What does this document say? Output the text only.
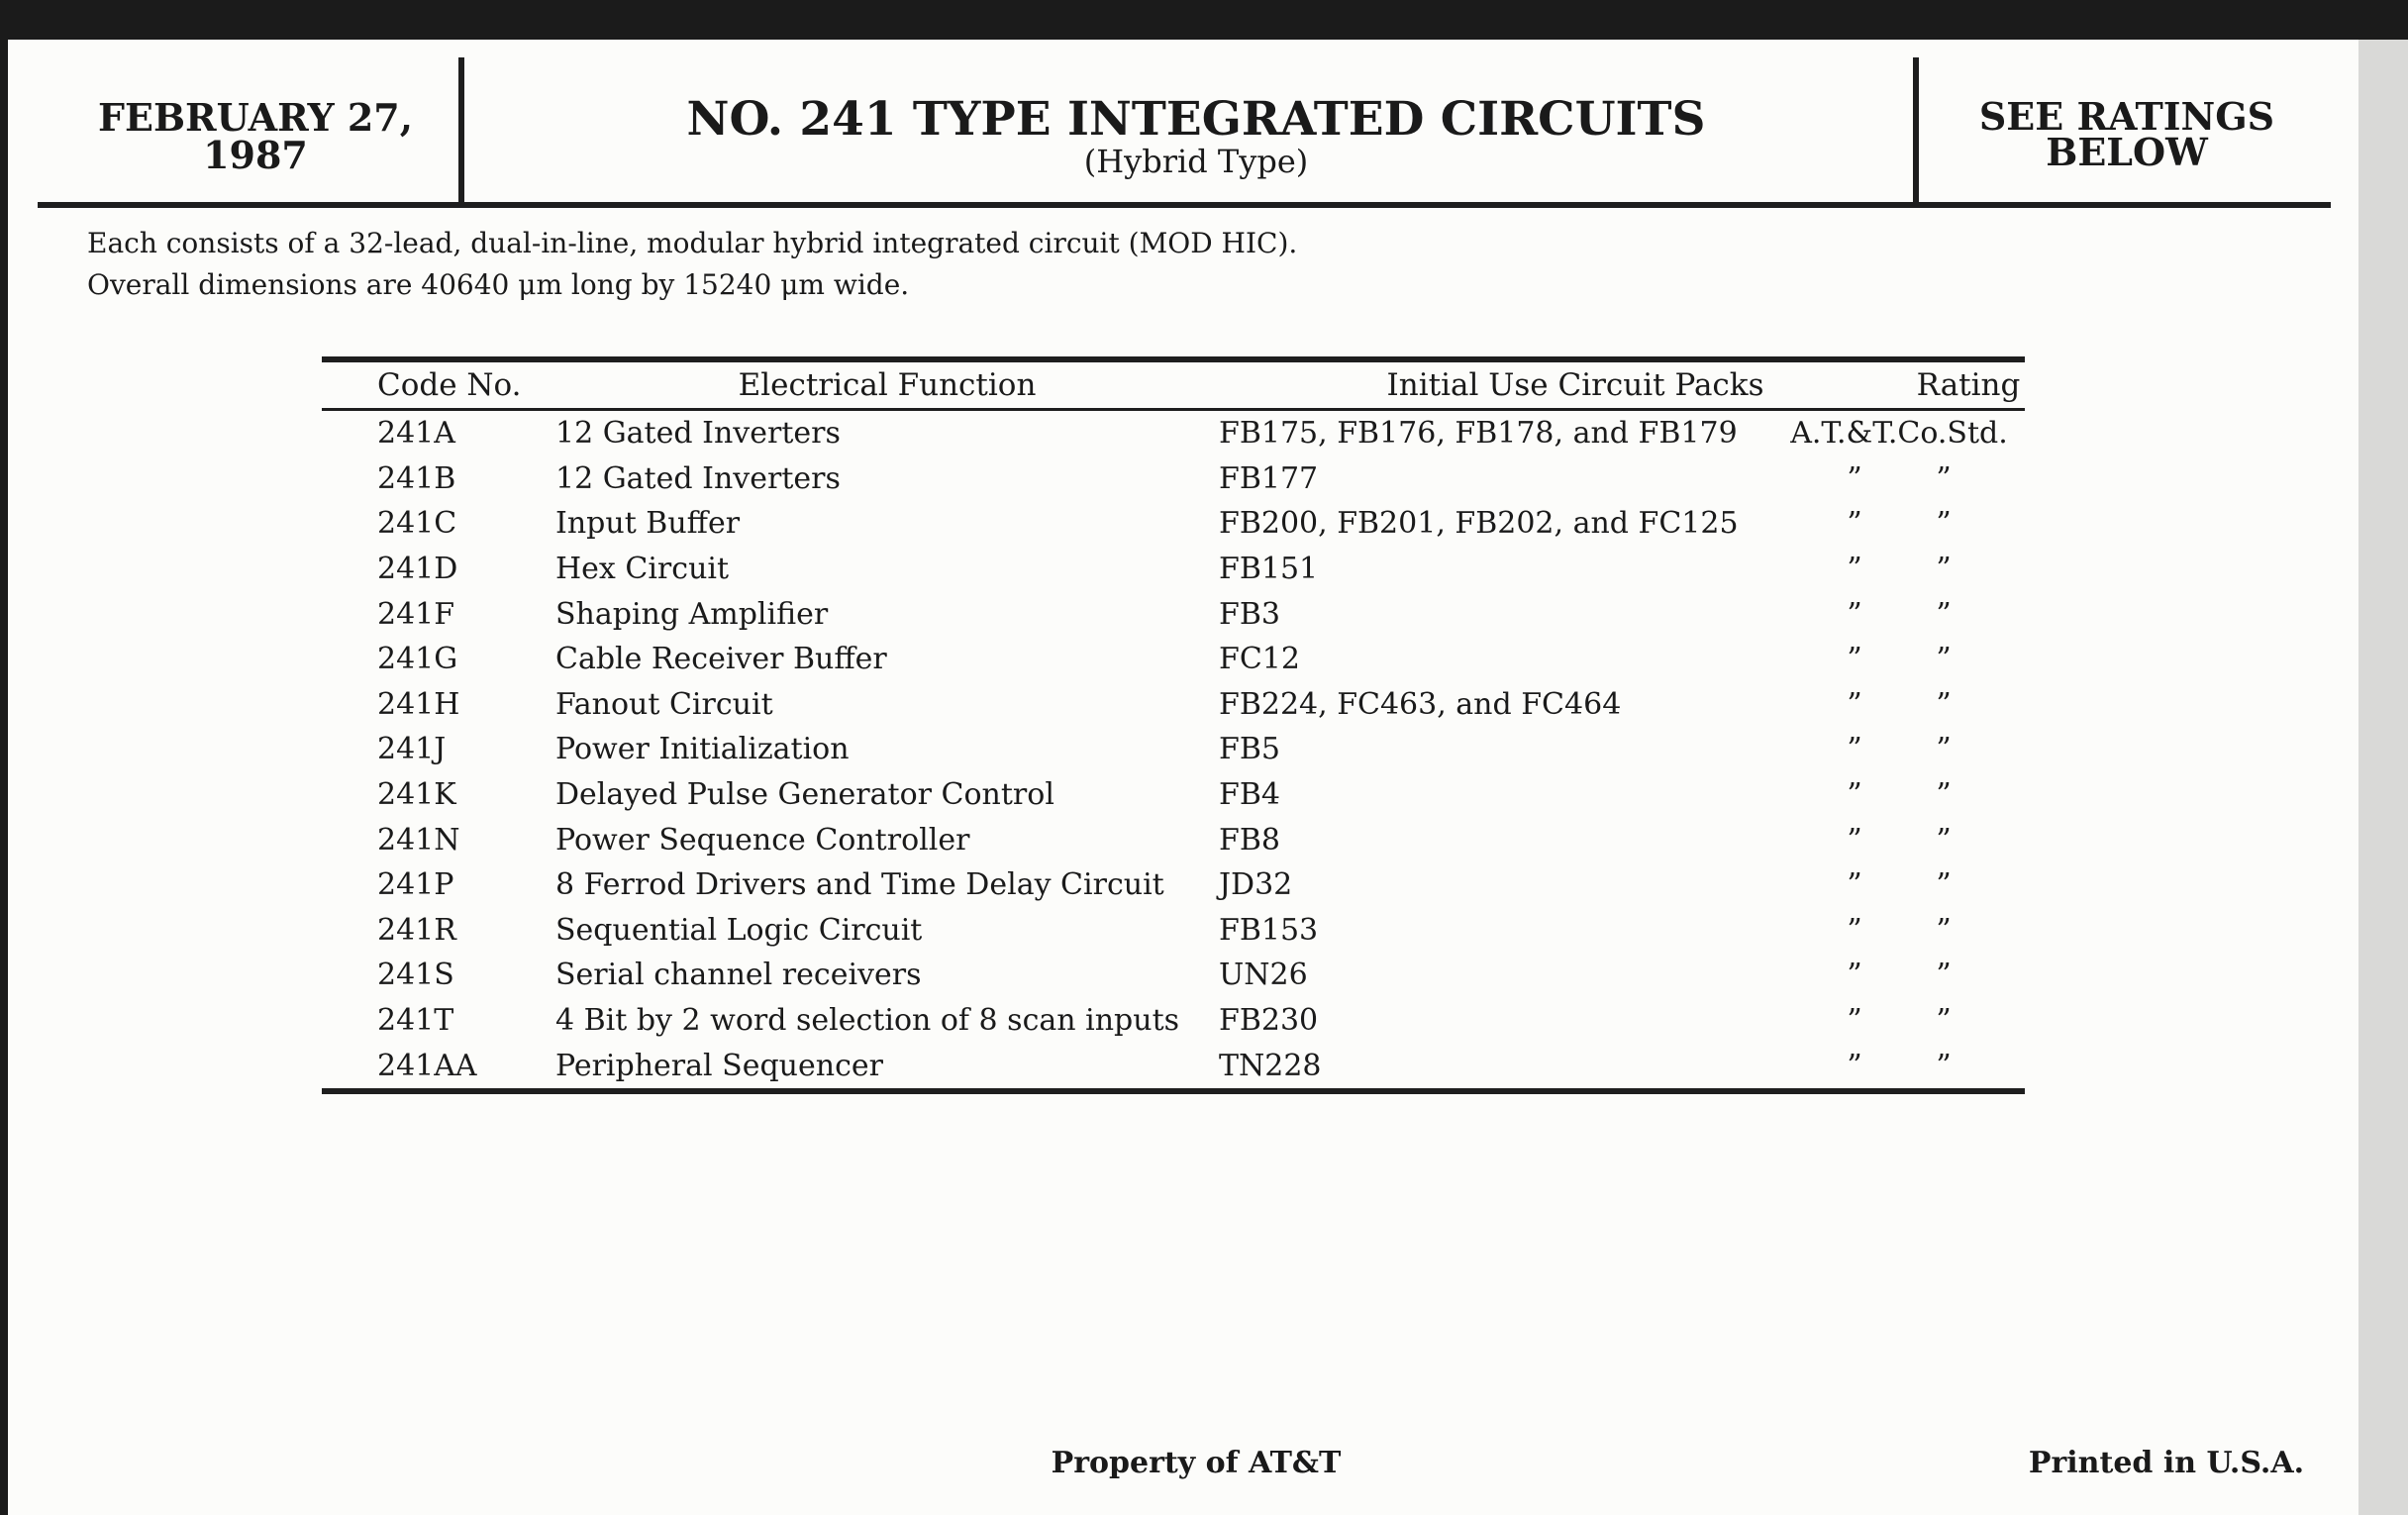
FEBRUARY 27,
1987
NO. 241 TYPE INTEGRATED CIRCUITS
(Hybrid Type)
SEE RATINGS
BELOW
Each consists of a 32-lead, dual-in-line, modular hybrid integrated circuit (MOD HIC).
Overall dimensions are 40640 μm long by 15240 μm wide.
Code No.	Electrical Function	Initial Use Circuit Packs	Rating
241A	12 Gated Inverters	FB175, FB176, FB178, and FB179	A.T.&T.Co.Std.
241B	12 Gated Inverters	FB177	” ”
241C	Input Buffer	FB200, FB201, FB202, and FC125	” ”
241D	Hex Circuit	FB151	” ”
241F	Shaping Amplifier	FB3	” ”
241G	Cable Receiver Buffer	FC12	” ”
241H	Fanout Circuit	FB224, FC463, and FC464	” ”
241J	Power Initialization	FB5	” ”
241K	Delayed Pulse Generator Control	FB4	” ”
241N	Power Sequence Controller	FB8	” ”
241P	8 Ferrod Drivers and Time Delay Circuit	JD32	” ”
241R	Sequential Logic Circuit	FB153	” ”
241S	Serial channel receivers	UN26	” ”
241T	4 Bit by 2 word selection of 8 scan inputs	FB230	” ”
241AA	Peripheral Sequencer	TN228	” ”
Property of AT&T	Printed in U.S.A.
